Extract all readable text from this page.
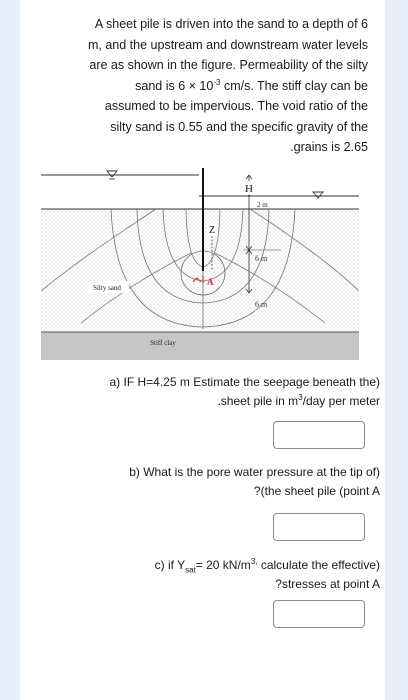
A sheet pile is driven into the sand to a depth of 6
m, and the upstream and downstream water levels
are as shown in the figure. Permeability of the silty
sand is $6 \times 10^{-3}$ cm/s. The stiff clay can be
assumed to be impervious. The void ratio of the
silty sand is 0.55 and the specific gravity of the
.grains is 2.65

H
2 m
6 m
6 m
Z
A
Silty sand
Stiff clay

a) IF H=4.25 m Estimate the seepage beneath the)
.sheet pile in $m^3$/day per meter

b) What is the pore water pressure at the tip of)
?(the sheet pile (point A

c) if $Y_{sat}= 20$ $kN/m^{3,}$ calculate the effective)
?stresses at point A
